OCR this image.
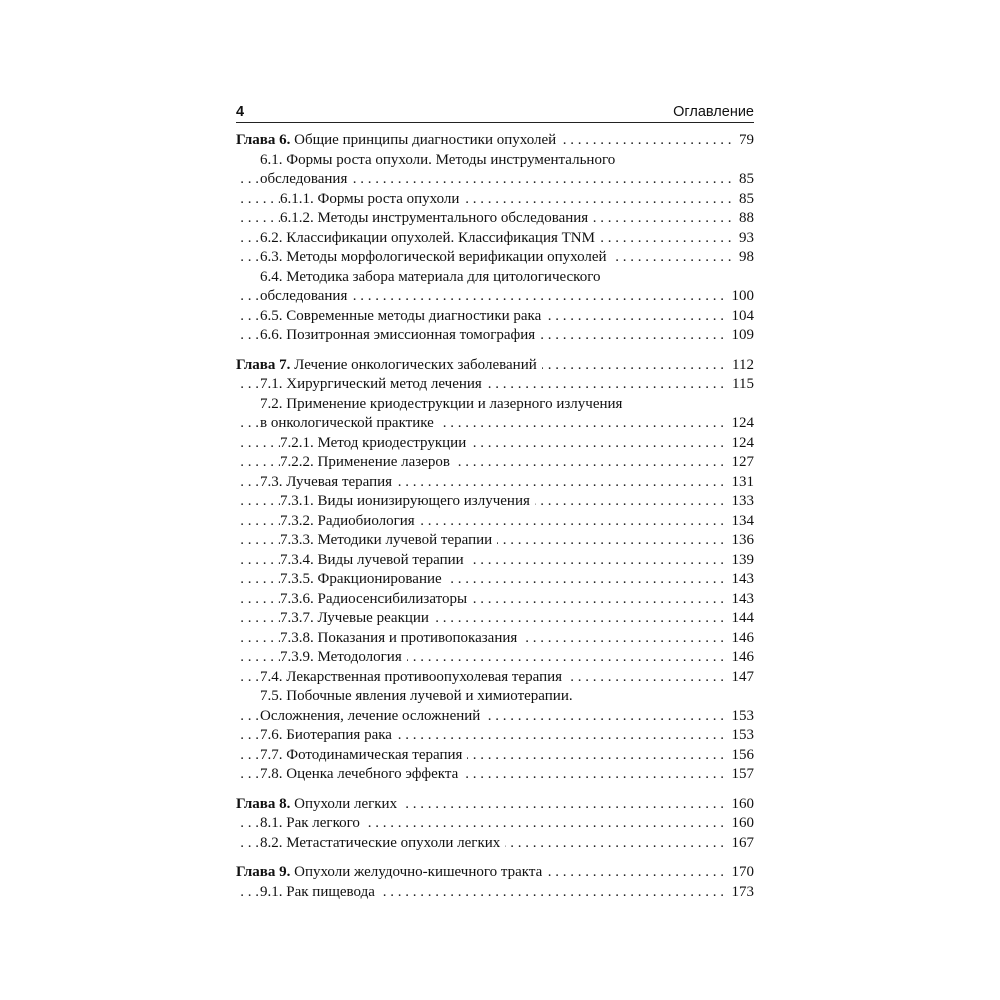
4	Оглавление
. . .
Глава 6. Общие принципы диагностики опухолей	79
6.1. Формы роста опухоли. Методы инструментального
. . .
обследования	85
. . .
6.1.1. Формы роста опухоли	85
. . .
6.1.2. Методы инструментального обследования	88
. . .
6.2. Классификации опухолей. Классификация TNM	93
. . .
6.3. Методы морфологической верификации опухолей	98
6.4. Методика забора материала для цитологического
. . .
обследования	100
. . .
6.5. Современные методы диагностики рака	104
. . .
6.6. Позитронная эмиссионная томография	109
. . .
Глава 7. Лечение онкологических заболеваний	112
. . .
7.1. Хирургический метод лечения	115
7.2. Применение криодеструкции и лазерного излучения
. . .
в онкологической практике	124
. . .
7.2.1. Метод криодеструкции	124
. . .
7.2.2. Применение лазеров	127
. . .
7.3. Лучевая терапия	131
. . .
7.3.1. Виды ионизирующего излучения	133
. . .
7.3.2. Радиобиология	134
. . .
7.3.3. Методики лучевой терапии	136
. . .
7.3.4. Виды лучевой терапии	139
. . .
7.3.5. Фракционирование	143
. . .
7.3.6. Радиосенсибилизаторы	143
. . .
7.3.7. Лучевые реакции	144
. . .
7.3.8. Показания и противопоказания	146
. . .
7.3.9. Методология	146
. . .
7.4. Лекарственная противоопухолевая терапия	147
7.5. Побочные явления лучевой и химиотерапии.
. . .
Осложнения, лечение осложнений	153
. . .
7.6. Биотерапия рака	153
. . .
7.7. Фотодинамическая терапия	156
. . .
7.8. Оценка лечебного эффекта	157
. . .
Глава 8. Опухоли легких	160
. . .
8.1. Рак легкого	160
. . .
8.2. Метастатические опухоли легких	167
. . .
Глава 9. Опухоли желудочно-кишечного тракта	170
. . .
9.1. Рак пищевода	173
